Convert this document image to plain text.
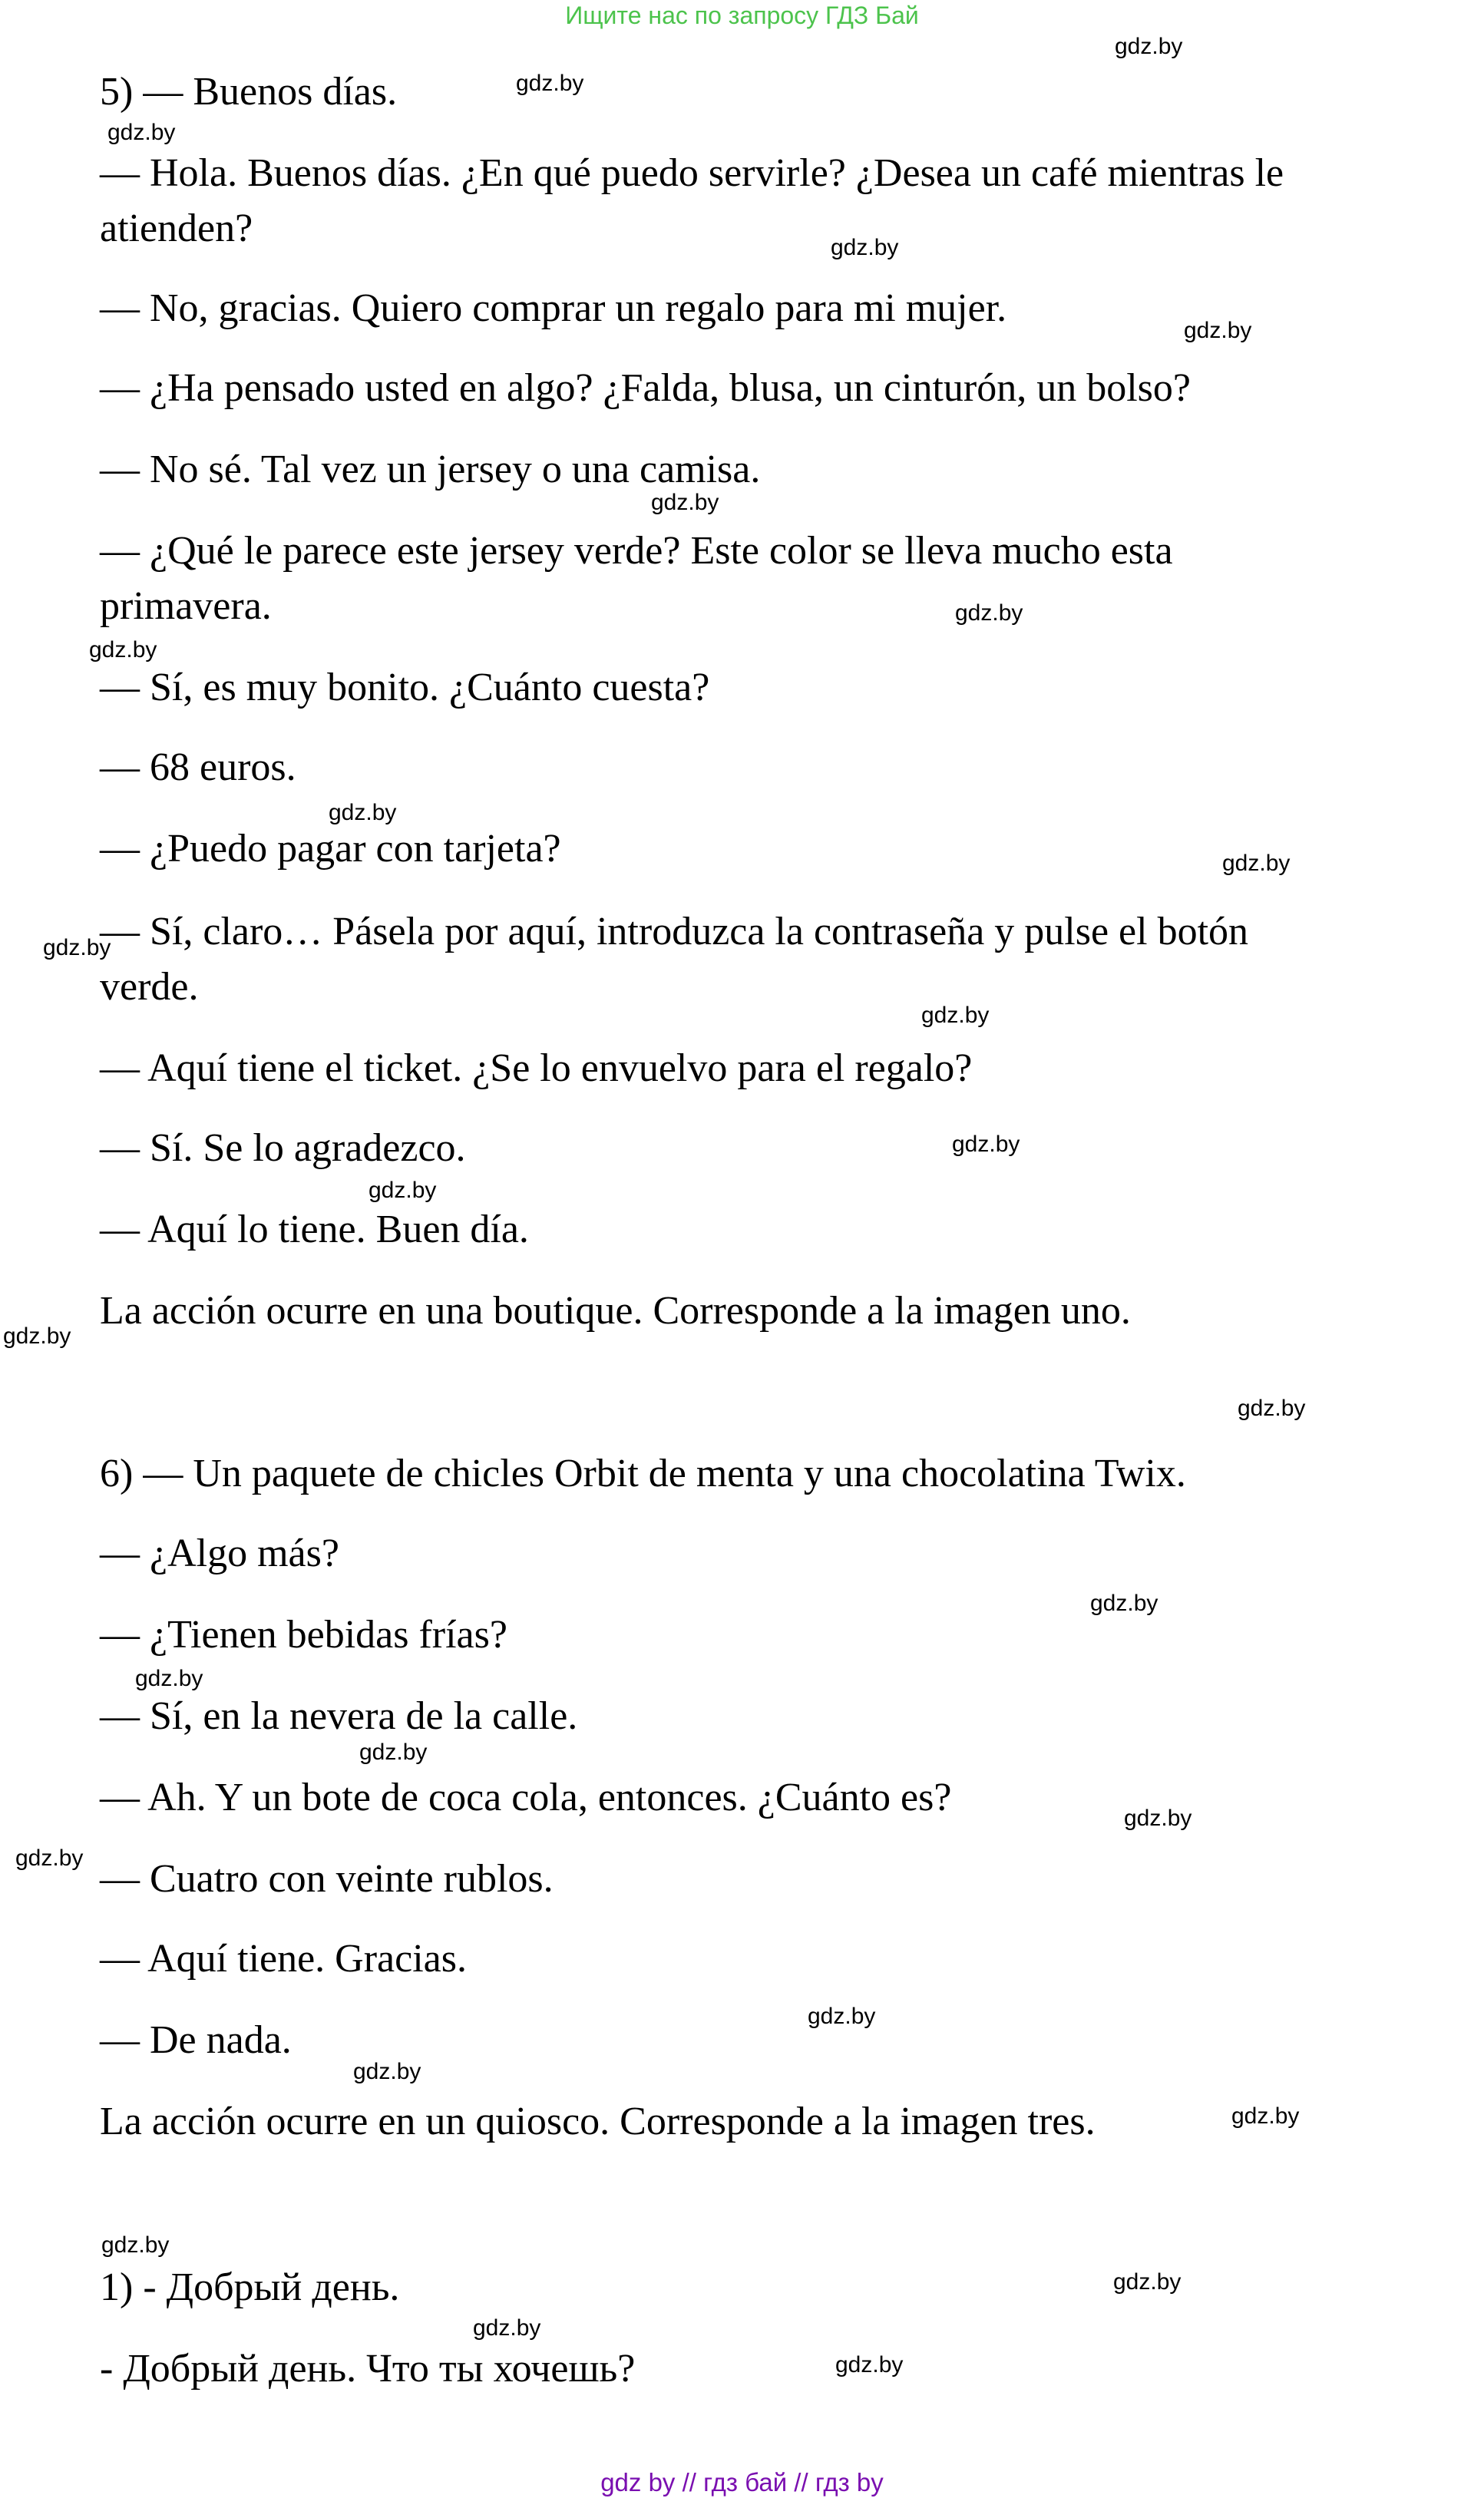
Ищите нас по запросу ГДЗ Бай
5) — Buenos días.
— Hola. Buenos días. ¿En qué puedo servirle? ¿Desea un café mientras le
atienden?
— No, gracias. Quiero comprar un regalo para mi mujer.
— ¿Ha pensado usted en algo? ¿Falda, blusa, un cinturón, un bolso?
— No sé. Tal vez un jersey o una camisa.
— ¿Qué le parece este jersey verde? Este color se lleva mucho esta
primavera.
— Sí, es muy bonito. ¿Cuánto cuesta?
— 68 euros.
— ¿Puedo pagar con tarjeta?
— Sí, claro… Pásela por aquí, introduzca la contraseña y pulse el botón
verde.
— Aquí tiene el ticket. ¿Se lo envuelvo para el regalo?
— Sí. Se lo agradezco.
— Aquí lo tiene. Buen día.
La acción ocurre en una boutique. Corresponde a la imagen uno.
6) — Un paquete de chicles Orbit de menta y una chocolatina Twix.
— ¿Algo más?
— ¿Tienen bebidas frías?
— Sí, en la nevera de la calle.
— Ah. Y un bote de coca cola, entonces. ¿Cuánto es?
— Cuatro con veinte rublos.
— Aquí tiene. Gracias.
— De nada.
La acción ocurre en un quiosco. Corresponde a la imagen tres.
1) - Добрый день.
- Добрый день. Что ты хочешь?
gdz.by
gdz.by
gdz.by
gdz.by
gdz.by
gdz.by
gdz.by
gdz.by
gdz.by
gdz.by
gdz.by
gdz.by
gdz.by
gdz.by
gdz.by
gdz.by
gdz.by
gdz.by
gdz.by
gdz.by
gdz.by
gdz.by
gdz.by
gdz.by
gdz.by
gdz.by
gdz.by
gdz.by
gdz by // гдз бай // гдз by
